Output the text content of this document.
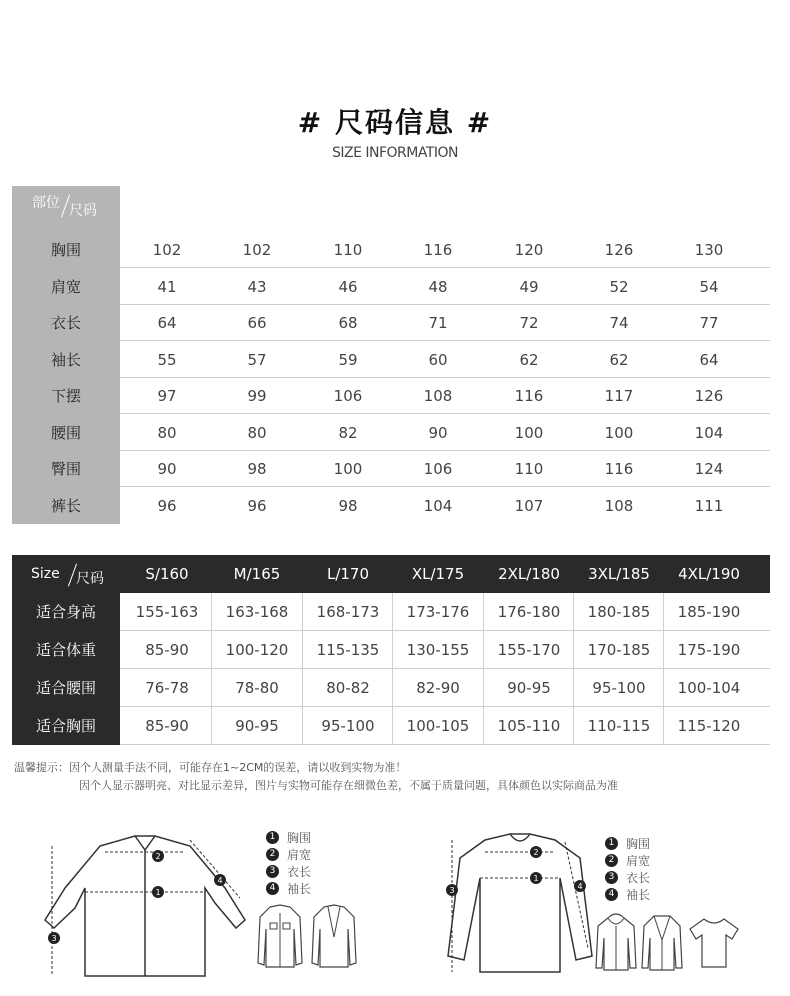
# 尺码信息 #
SIZE INFORMATION
部位 尺码
胸围	102	102	110	116	120	126	130
肩宽	41	43	46	48	49	52	54
衣长	64	66	68	71	72	74	77
袖长	55	57	59	60	62	62	64
下摆	97	99	106	108	116	117	126
腰围	80	80	82	90	100	100	104
臀围	90	98	100	106	110	116	124
裤长	96	96	98	104	107	108	111
Size 尺码	S/160	M/165	L/170	XL/175	2XL/180	3XL/185	4XL/190
适合身高	155-163	163-168	168-173	173-176	176-180	180-185	185-190
适合体重	85-90	100-120	115-135	130-155	155-170	170-185	175-190
适合腰围	76-78	78-80	80-82	82-90	90-95	95-100	100-104
适合胸围	85-90	90-95	95-100	100-105	105-110	110-115	115-120
温馨提示：因个人测量手法不同，可能存在1~2CM的误差，请以收到实物为准！
因个人显示器明亮、对比显示差异，图片与实物可能存在细微色差，不属于质量问题，具体颜色以实际商品为准
1
2
3
4
1 胸围
2 肩宽
3 衣长
4 袖长
1
2
3	4
1 胸围
2 肩宽
3 衣长
4 袖长
